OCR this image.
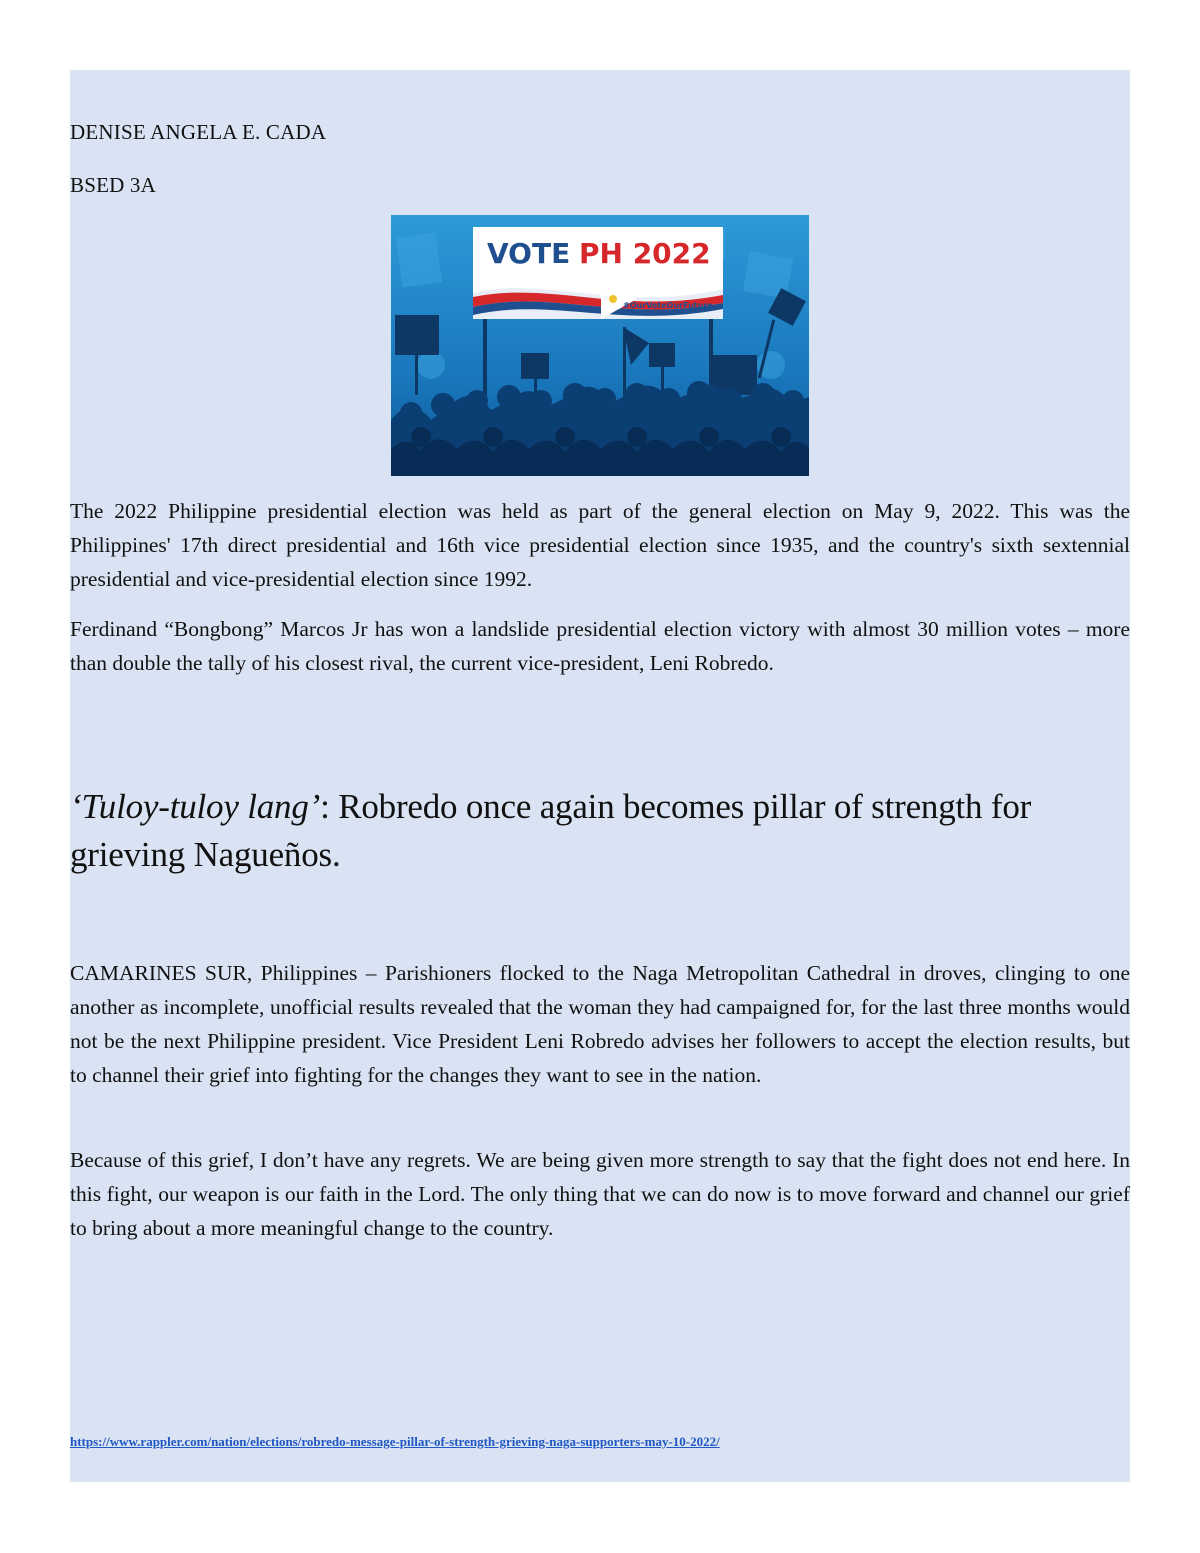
DENISE ANGELA E. CADA
BSED 3A
VOTE PH 2022
#OurVoteOurFuture

The 2022 Philippine presidential election was held as part of the general election on May 9, 2022. This was the Philippines' 17th direct presidential and 16th vice presidential election since 1935, and the country's sixth sextennial presidential and vice-presidential election since 1992.

Ferdinand “Bongbong” Marcos Jr has won a landslide presidential election victory with almost 30 million votes – more than double the tally of his closest rival, the current vice-president, Leni Robredo.

‘Tuloy-tuloy lang’: Robredo once again becomes pillar of strength for grieving Nagueños.

CAMARINES SUR, Philippines – Parishioners flocked to the Naga Metropolitan Cathedral in droves, clinging to one another as incomplete, unofficial results revealed that the woman they had campaigned for, for the last three months would not be the next Philippine president. Vice President Leni Robredo advises her followers to accept the election results, but to channel their grief into fighting for the changes they want to see in the nation.

Because of this grief, I don’t have any regrets. We are being given more strength to say that the fight does not end here. In this fight, our weapon is our faith in the Lord. The only thing that we can do now is to move forward and channel our grief to bring about a more meaningful change to the country.

https://www.rappler.com/nation/elections/robredo-message-pillar-of-strength-grieving-naga-supporters-may-10-2022/
